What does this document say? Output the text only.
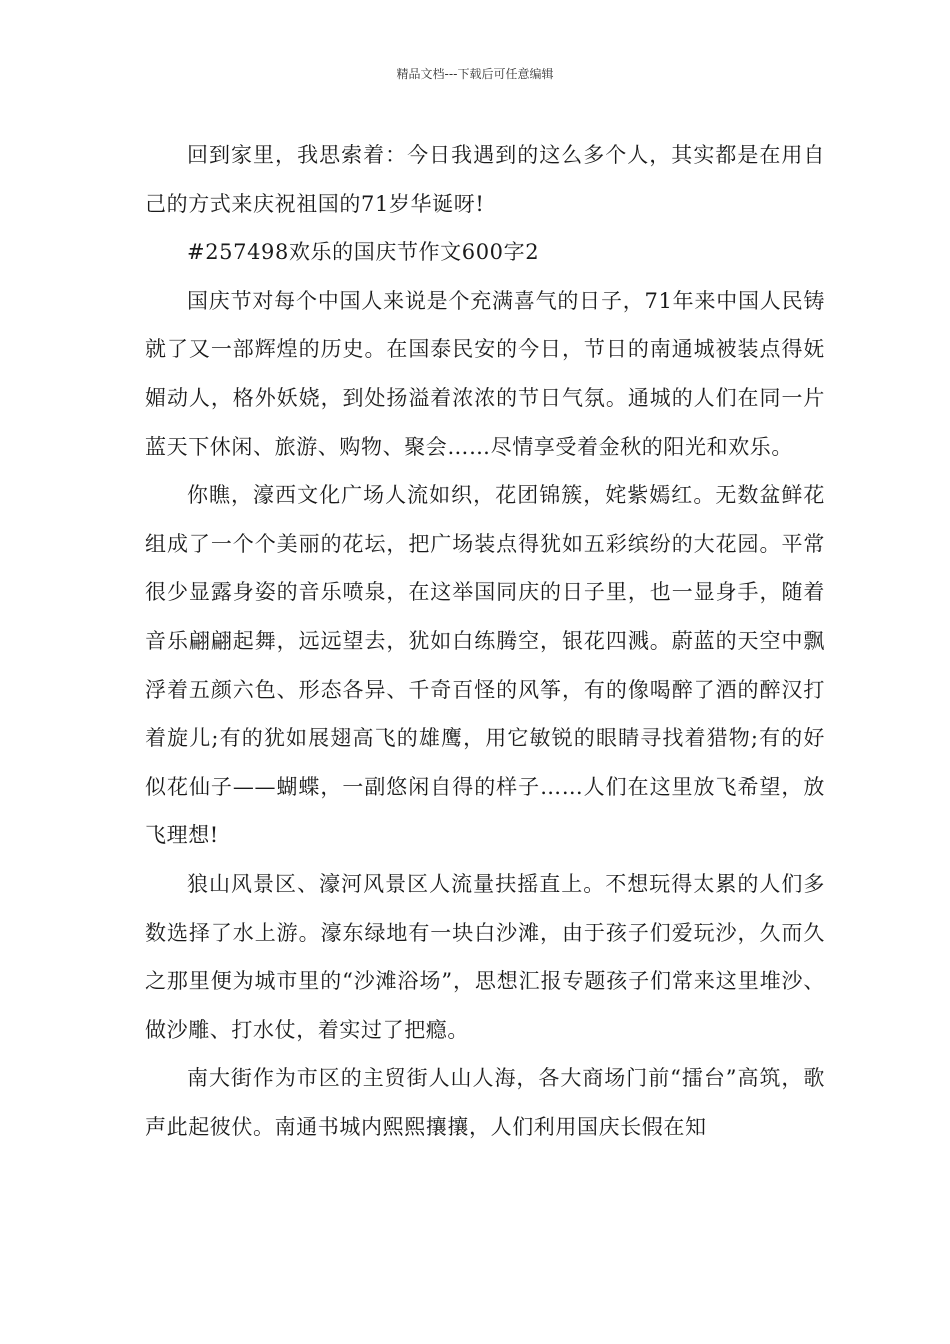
精品文档---下载后可任意编辑

回到家里，我思索着：今日我遇到的这么多个人，其实都是在用自己的方式来庆祝祖国的71岁华诞呀!

#257498欢乐的国庆节作文600字2

国庆节对每个中国人来说是个充满喜气的日子，71年来中国人民铸就了又一部辉煌的历史。在国泰民安的今日，节日的南通城被装点得妩媚动人，格外妖娆，到处扬溢着浓浓的节日气氛。通城的人们在同一片蓝天下休闲、旅游、购物、聚会……尽情享受着金秋的阳光和欢乐。

你瞧，濠西文化广场人流如织，花团锦簇，姹紫嫣红。无数盆鲜花组成了一个个美丽的花坛，把广场装点得犹如五彩缤纷的大花园。平常很少显露身姿的音乐喷泉，在这举国同庆的日子里，也一显身手，随着音乐翩翩起舞，远远望去，犹如白练腾空，银花四溅。蔚蓝的天空中飘浮着五颜六色、形态各异、千奇百怪的风筝，有的像喝醉了酒的醉汉打着旋儿;有的犹如展翅高飞的雄鹰，用它敏锐的眼睛寻找着猎物;有的好似花仙子——蝴蝶，一副悠闲自得的样子……人们在这里放飞希望，放飞理想!

狼山风景区、濠河风景区人流量扶摇直上。不想玩得太累的人们多数选择了水上游。濠东绿地有一块白沙滩，由于孩子们爱玩沙，久而久之那里便为城市里的“沙滩浴场”，思想汇报专题孩子们常来这里堆沙、做沙雕、打水仗，着实过了把瘾。

南大街作为市区的主贸街人山人海，各大商场门前“擂台”高筑，歌声此起彼伏。南通书城内熙熙攘攘，人们利用国庆长假在知
